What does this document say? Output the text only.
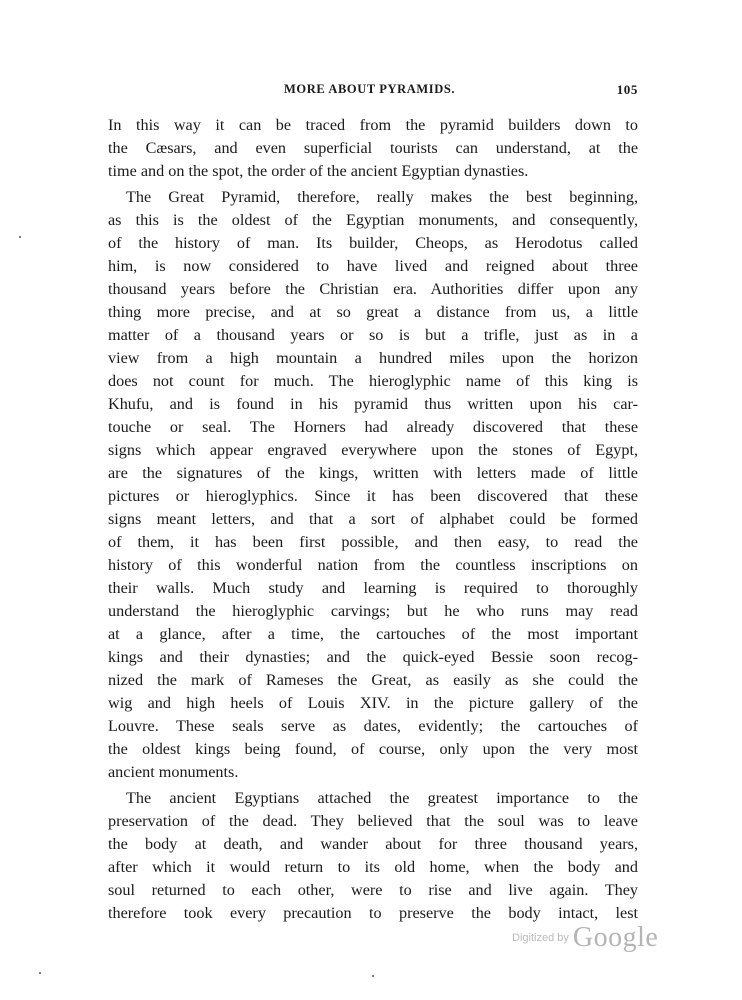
MORE ABOUT PYRAMIDS.	105
In this way it can be traced from the pyramid builders down to
the Cæsars, and even superficial tourists can understand, at the
time and on the spot, the order of the ancient Egyptian dynasties.
The Great Pyramid, therefore, really makes the best beginning,
as this is the oldest of the Egyptian monuments, and consequently,
of the history of man. Its builder, Cheops, as Herodotus called
him, is now considered to have lived and reigned about three
thousand years before the Christian era. Authorities differ upon any
thing more precise, and at so great a distance from us, a little
matter of a thousand years or so is but a trifle, just as in a
view from a high mountain a hundred miles upon the horizon
does not count for much. The hieroglyphic name of this king is
Khufu, and is found in his pyramid thus written upon his car-
touche or seal. The Horners had already discovered that these
signs which appear engraved everywhere upon the stones of Egypt,
are the signatures of the kings, written with letters made of little
pictures or hieroglyphics. Since it has been discovered that these
signs meant letters, and that a sort of alphabet could be formed
of them, it has been first possible, and then easy, to read the
history of this wonderful nation from the countless inscriptions on
their walls. Much study and learning is required to thoroughly
understand the hieroglyphic carvings; but he who runs may read
at a glance, after a time, the cartouches of the most important
kings and their dynasties; and the quick-eyed Bessie soon recog-
nized the mark of Rameses the Great, as easily as she could the
wig and high heels of Louis XIV. in the picture gallery of the
Louvre. These seals serve as dates, evidently; the cartouches of
the oldest kings being found, of course, only upon the very most
ancient monuments.
The ancient Egyptians attached the greatest importance to the
preservation of the dead. They believed that the soul was to leave
the body at death, and wander about for three thousand years,
after which it would return to its old home, when the body and
soul returned to each other, were to rise and live again. They
therefore took every precaution to preserve the body intact, lest
Digitized by Google
